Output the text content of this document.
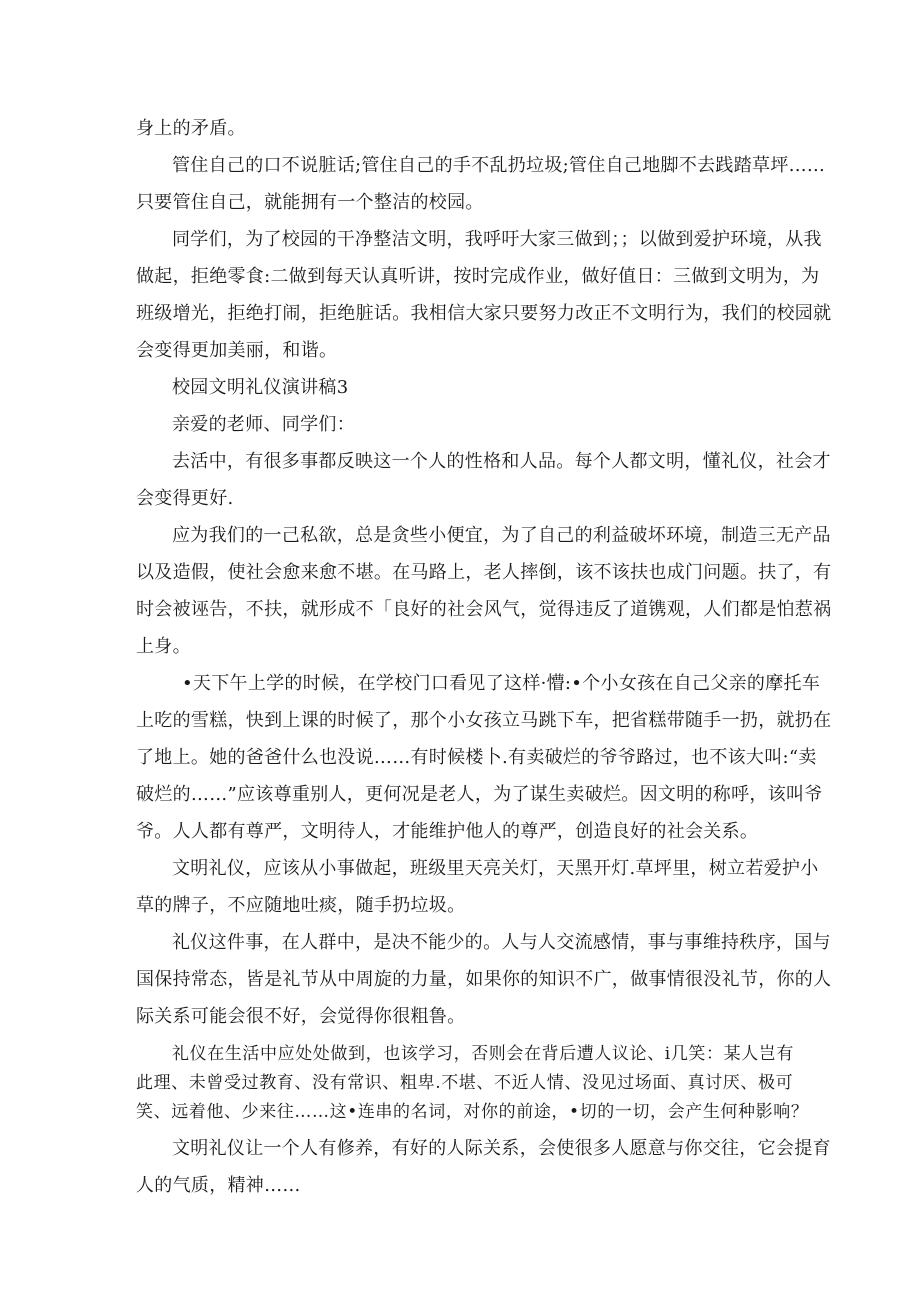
身上的矛盾。
管住自己的口不说脏话;管住自己的手不乱扔垃圾;管住自己地脚不去践踏草坪……
只要管住自己，就能拥有一个整洁的校园。
同学们，为了校园的干净整洁文明，我呼吁大家三做到；；以做到爱护环境，从我
做起，拒绝零食:二做到每天认真听讲，按时完成作业，做好值日：三做到文明为，为
班级增光，拒绝打闹，拒绝脏话。我相信大家只要努力改正不文明行为，我们的校园就
会变得更加美丽，和谐。
校园文明礼仪演讲稿3
亲爱的老师、同学们：
去活中，有很多事都反映这一个人的性格和人品。每个人都文明，懂礼仪，社会才
会变得更好.
应为我们的一己私欲，总是贪些小便宜，为了自己的利益破坏环境，制造三无产品
以及造假，使社会愈来愈不堪。在马路上，老人摔倒，该不该扶也成门问题。扶了，有
时会被诬告，不扶，就形成不「良好的社会风气，觉得违反了道镌观，人们都是怕惹祸
上身。
•天下午上学的时候，在学校门口看见了这样·懵:•个小女孩在自己父亲的摩托车
上吃的雪糕，快到上课的时候了，那个小女孩立马跳下车，把省糕带随手一扔，就扔在
了地上。她的爸爸什么也没说……有时候楼卜.有卖破烂的爷爷路过，也不该大叫:“卖
破烂的……”应该尊重别人，更何况是老人，为了谋生卖破烂。因文明的称呼，该叫爷
爷。人人都有尊严，文明待人，才能维护他人的尊严，创造良好的社会关系。
文明礼仪，应该从小事做起，班级里天亮关灯，天黑开灯.草坪里，树立若爱护小
草的牌子，不应随地吐痰，随手扔垃圾。
礼仪这件事，在人群中，是决不能少的。人与人交流感情，事与事维持秩序，国与
国保持常态，皆是礼节从中周旋的力量，如果你的知识不广，做事情很没礼节，你的人
际关系可能会很不好，会觉得你很粗鲁。
礼仪在生活中应处处做到，也该学习，否则会在背后遭人议论、i几笑：某人岂有
此理、未曾受过教育、没有常识、粗卑.不堪、不近人情、没见过场面、真讨厌、极可
笑、远着他、少来往……这•连串的名词，对你的前途，•切的一切，会产生何种影响？
文明礼仪让一个人有修养，有好的人际关系，会使很多人愿意与你交往，它会提育
人的气质，精神……
